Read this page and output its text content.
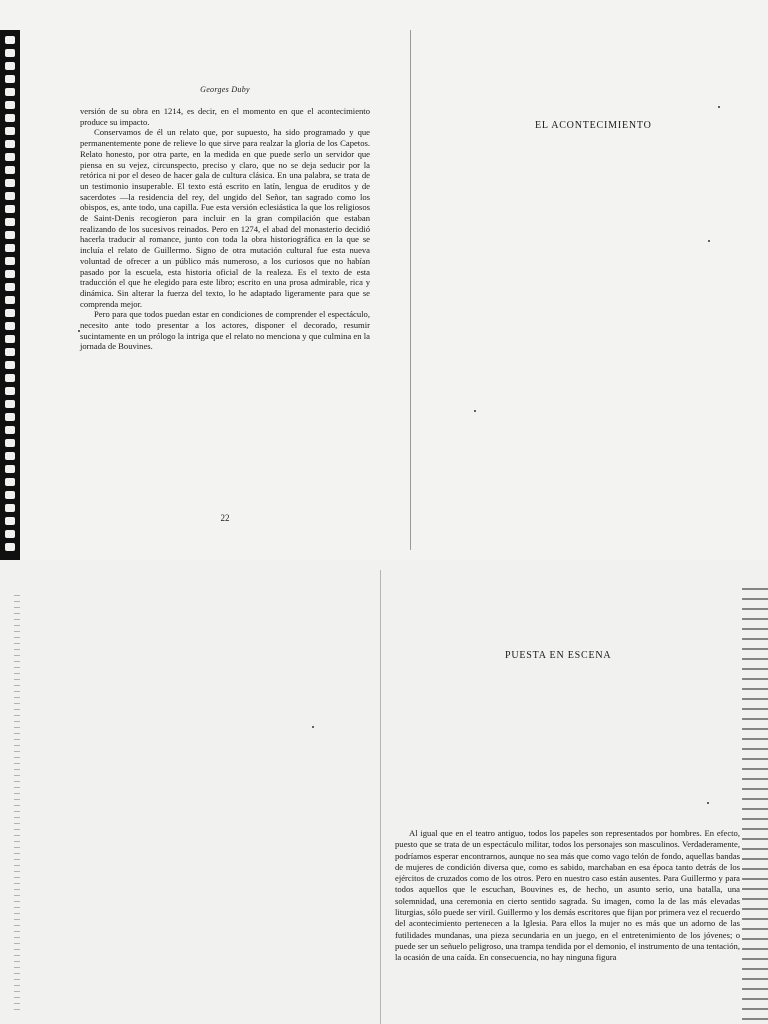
Georges Duby

versión de su obra en 1214, es decir, en el momento en que el acontecimiento produce su impacto.

Conservamos de él un relato que, por supuesto, ha sido programado y que permanentemente pone de relieve lo que sirve para realzar la gloria de los Capetos. Relato honesto, por otra parte, en la medida en que puede serlo un servidor que piensa en su vejez, circunspecto, preciso y claro, que no se deja seducir por la retórica ni por el deseo de hacer gala de cultura clásica. En una palabra, se trata de un testimonio insuperable. El texto está escrito en latín, lengua de eruditos y de sacerdotes —la residencia del rey, del ungido del Señor, tan sagrado como los obispos, es, ante todo, una capilla. Fue esta versión eclesiástica la que los religiosos de Saint-Denis recogieron para incluir en la gran compilación que estaban realizando de los sucesivos reinados. Pero en 1274, el abad del monasterio decidió hacerla traducir al romance, junto con toda la obra historiográfica en la que se incluía el relato de Guillermo. Signo de otra mutación cultural fue esta nueva voluntad de ofrecer a un público más numeroso, a los curiosos que no habían pasado por la escuela, esta historia oficial de la realeza. Es el texto de esta traducción el que he elegido para este libro; escrito en una prosa admirable, rica y dinámica. Sin alterar la fuerza del texto, lo he adaptado ligeramente para que se comprenda mejor.

Pero para que todos puedan estar en condiciones de comprender el espectáculo, necesito ante todo presentar a los actores, disponer el decorado, resumir sucintamente en un prólogo la intriga que el relato no menciona y que culmina en la jornada de Bouvines.

22
EL ACONTECIMIENTO
PUESTA EN ESCENA

Al igual que en el teatro antiguo, todos los papeles son representados por hombres. En efecto, puesto que se trata de un espectáculo militar, todos los personajes son masculinos. Verdaderamente, podríamos esperar encontrarnos, aunque no sea más que como vago telón de fondo, aquellas bandas de mujeres de condición diversa que, como es sabido, marchaban en esa época tanto detrás de los ejércitos de cruzados como de los otros. Pero en nuestro caso están ausentes. Para Guillermo y para todos aquellos que le escuchan, Bouvines es, de hecho, un asunto serio, una batalla, una solemnidad, una ceremonia en cierto sentido sagrada. Su imagen, como la de las más elevadas liturgias, sólo puede ser viril. Guillermo y los demás escritores que fijan por primera vez el recuerdo del acontecimiento pertenecen a la Iglesia. Para ellos la mujer no es más que un adorno de las futilidades mundanas, una pieza secundaria en un juego, en el entretenimiento de los jóvenes; o puede ser un señuelo peligroso, una trampa tendida por el demonio, el instrumento de una tentación, la ocasión de una caída. En consecuencia, no hay ninguna figura
